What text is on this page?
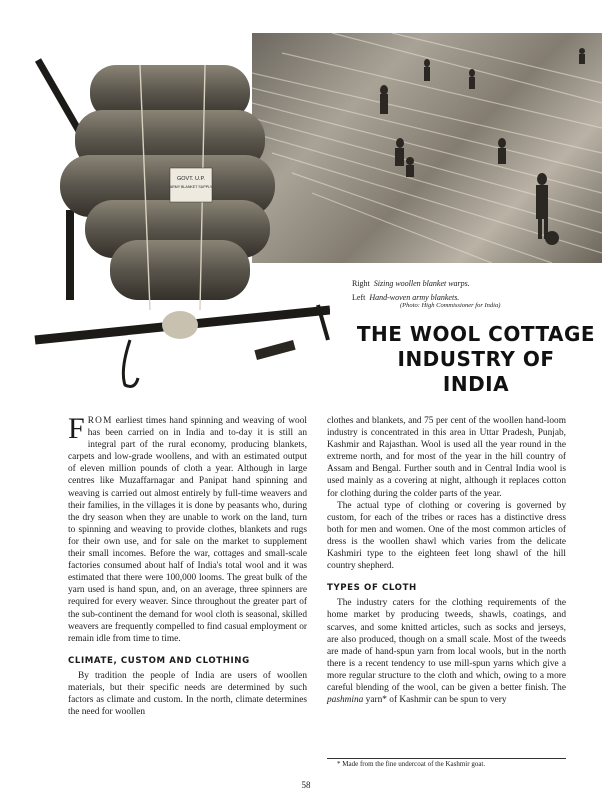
GOVT. U.P.
ARMY BLANKET SUPPLY
Right Sizing woollen blanket warps.
Left Hand-woven army blankets.
(Photo: High Commissioner for India)
THE WOOL COTTAGE
INDUSTRY OF
INDIA

FROM earliest times hand spinning and weaving of wool has been carried on in India and to-day it is still an integral part of the rural economy, producing blankets, carpets and low-grade woollens, and with an estimated output of eleven million pounds of cloth a year. Although in large centres like Muzaffarnagar and Panipat hand spinning and weaving is carried out almost entirely by full-time weavers and their families, in the villages it is done by peasants who, during the dry season when they are unable to work on the land, turn to spinning and weaving to provide clothes, blankets and rugs for their own use, and for sale on the market to supplement their small incomes. Before the war, cottages and small-scale factories consumed about half of India's total wool and it was estimated that there were 100,000 looms. The great bulk of the yarn used is hand spun, and, on an average, three spinners are required for every weaver. Since throughout the greater part of the sub-continent the demand for wool cloth is seasonal, skilled weavers are frequently compelled to find casual employment or remain idle from time to time.

CLIMATE, CUSTOM AND CLOTHING

By tradition the people of India are users of woollen materials, but their specific needs are determined by such factors as climate and custom. In the north, climate determines the need for woollen

clothes and blankets, and 75 per cent of the woollen hand-loom industry is concentrated in this area in Uttar Pradesh, Punjab, Kashmir and Rajasthan. Wool is used all the year round in the extreme north, and for most of the year in the hill country of Assam and Bengal. Further south and in Central India wool is used mainly as a covering at night, although it replaces cotton for clothing during the colder parts of the year.

The actual type of clothing or covering is governed by custom, for each of the tribes or races has a distinctive dress both for men and women. One of the most common articles of dress is the woollen shawl which varies from the delicate Kashmiri type to the eighteen feet long shawl of the hill country shepherd.

TYPES OF CLOTH

The industry caters for the clothing requirements of the home market by producing tweeds, shawls, coatings, and scarves, and some knitted articles, such as socks and jerseys, are also produced, though on a small scale. Most of the tweeds are made of hand-spun yarn from local wools, but in the north there is a recent tendency to use mill-spun yarns which give a more regular structure to the cloth and which, owing to a more careful blending of the wool, can be given a better finish. The pashmina yarn* of Kashmir can be spun to very

* Made from the fine undercoat of the Kashmir goat.
58
